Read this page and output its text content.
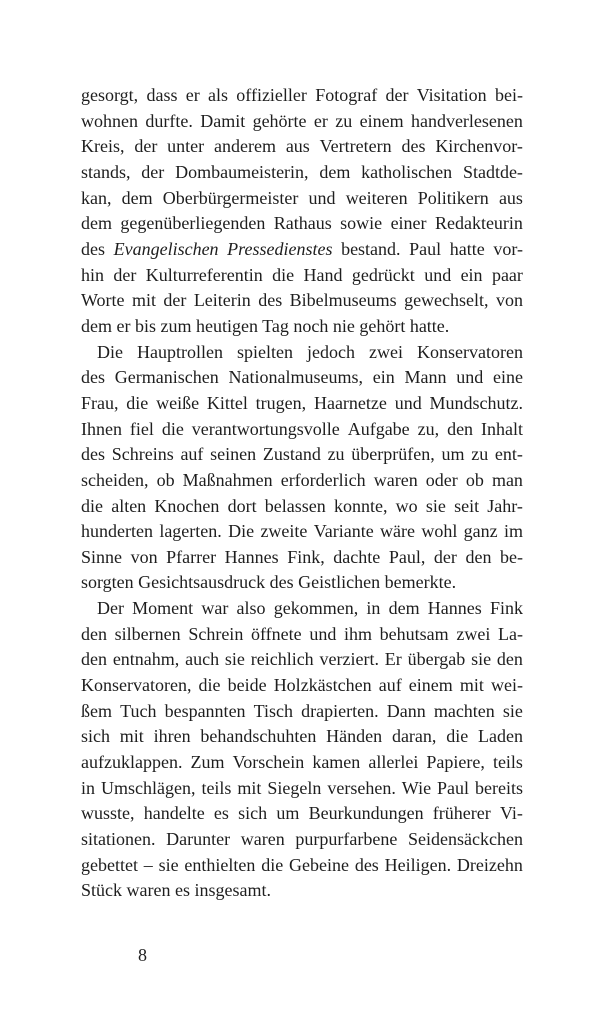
gesorgt, dass er als offizieller Fotograf der Visitation bei-
wohnen durfte. Damit gehörte er zu einem handverlesenen
Kreis, der unter anderem aus Vertretern des Kirchenvor-
stands, der Dombaumeisterin, dem katholischen Stadtde-
kan, dem Oberbürgermeister und weiteren Politikern aus
dem gegenüberliegenden Rathaus sowie einer Redakteurin
des Evangelischen Pressedienstes bestand. Paul hatte vor-
hin der Kulturreferentin die Hand gedrückt und ein paar
Worte mit der Leiterin des Bibelmuseums gewechselt, von
dem er bis zum heutigen Tag noch nie gehört hatte.
Die Hauptrollen spielten jedoch zwei Konservatoren
des Germanischen Nationalmuseums, ein Mann und eine
Frau, die weiße Kittel trugen, Haarnetze und Mundschutz.
Ihnen fiel die verantwortungsvolle Aufgabe zu, den Inhalt
des Schreins auf seinen Zustand zu überprüfen, um zu ent-
scheiden, ob Maßnahmen erforderlich waren oder ob man
die alten Knochen dort belassen konnte, wo sie seit Jahr-
hunderten lagerten. Die zweite Variante wäre wohl ganz im
Sinne von Pfarrer Hannes Fink, dachte Paul, der den be-
sorgten Gesichtsausdruck des Geistlichen bemerkte.
Der Moment war also gekommen, in dem Hannes Fink
den silbernen Schrein öffnete und ihm behutsam zwei La-
den entnahm, auch sie reichlich verziert. Er übergab sie den
Konservatoren, die beide Holzkästchen auf einem mit wei-
ßem Tuch bespannten Tisch drapierten. Dann machten sie
sich mit ihren behandschuhten Händen daran, die Laden
aufzuklappen. Zum Vorschein kamen allerlei Papiere, teils
in Umschlägen, teils mit Siegeln versehen. Wie Paul bereits
wusste, handelte es sich um Beurkundungen früherer Vi-
sitationen. Darunter waren purpurfarbene Seidensäckchen
gebettet – sie enthielten die Gebeine des Heiligen. Dreizehn
Stück waren es insgesamt.
8
